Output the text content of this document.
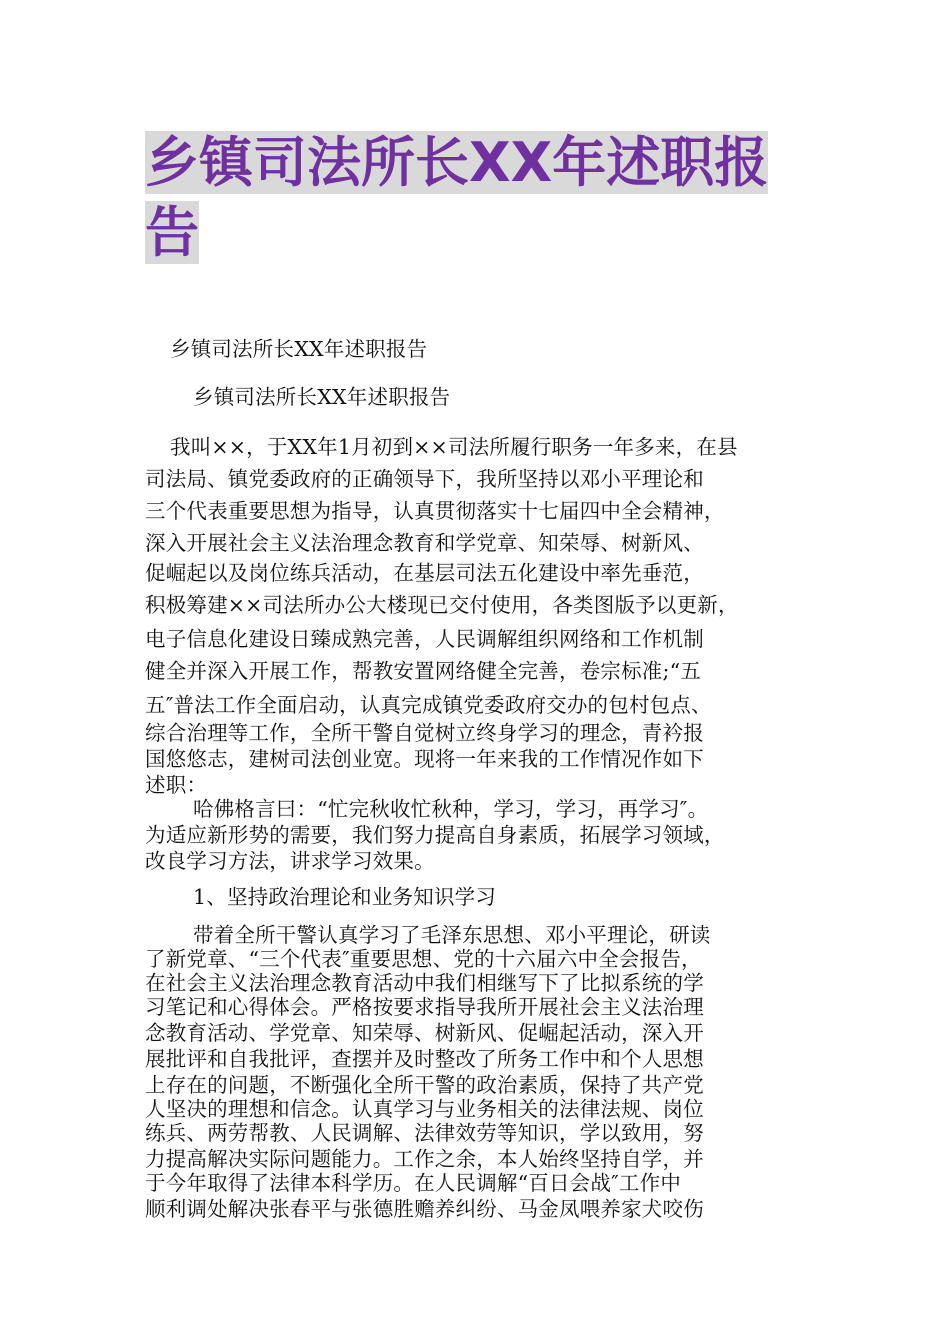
乡镇司法所长XX年述职报告

乡镇司法所长XX年述职报告

乡镇司法所长XX年述职报告

我叫××，于XX年1月初到××司法所履行职务一年多来，在县

司法局、镇党委政府的正确领导下，我所坚持以邓小平理论和

三个代表重要思想为指导，认真贯彻落实十七届四中全会精神，

深入开展社会主义法治理念教育和学党章、知荣辱、树新风、

促崛起以及岗位练兵活动，在基层司法五化建设中率先垂范，

积极筹建××司法所办公大楼现已交付使用，各类图版予以更新，

电子信息化建设日臻成熟完善，人民调解组织网络和工作机制

健全并深入开展工作，帮教安置网络健全完善，卷宗标准;“五

五″普法工作全面启动，认真完成镇党委政府交办的包村包点、

综合治理等工作，全所干警自觉树立终身学习的理念，青衿报

国悠悠志，建树司法创业宽。现将一年来我的工作情况作如下

述职：

哈佛格言曰：“忙完秋收忙秋种，学习，学习，再学习″。

为适应新形势的需要，我们努力提高自身素质，拓展学习领域，

改良学习方法，讲求学习效果。

1、坚持政治理论和业务知识学习

带着全所干警认真学习了毛泽东思想、邓小平理论，研读

了新党章、“三个代表″重要思想、党的十六届六中全会报告，

在社会主义法治理念教育活动中我们相继写下了比拟系统的学

习笔记和心得体会。严格按要求指导我所开展社会主义法治理

念教育活动、学党章、知荣辱、树新风、促崛起活动，深入开

展批评和自我批评，查摆并及时整改了所务工作中和个人思想

上存在的问题，不断强化全所干警的政治素质，保持了共产党

人坚决的理想和信念。认真学习与业务相关的法律法规、岗位

练兵、两劳帮教、人民调解、法律效劳等知识，学以致用，努

力提高解决实际问题能力。工作之余，本人始终坚持自学，并

于今年取得了法律本科学历。在人民调解“百日会战″工作中

顺利调处解决张春平与张德胜赡养纠纷、马金凤喂养家犬咬伤
